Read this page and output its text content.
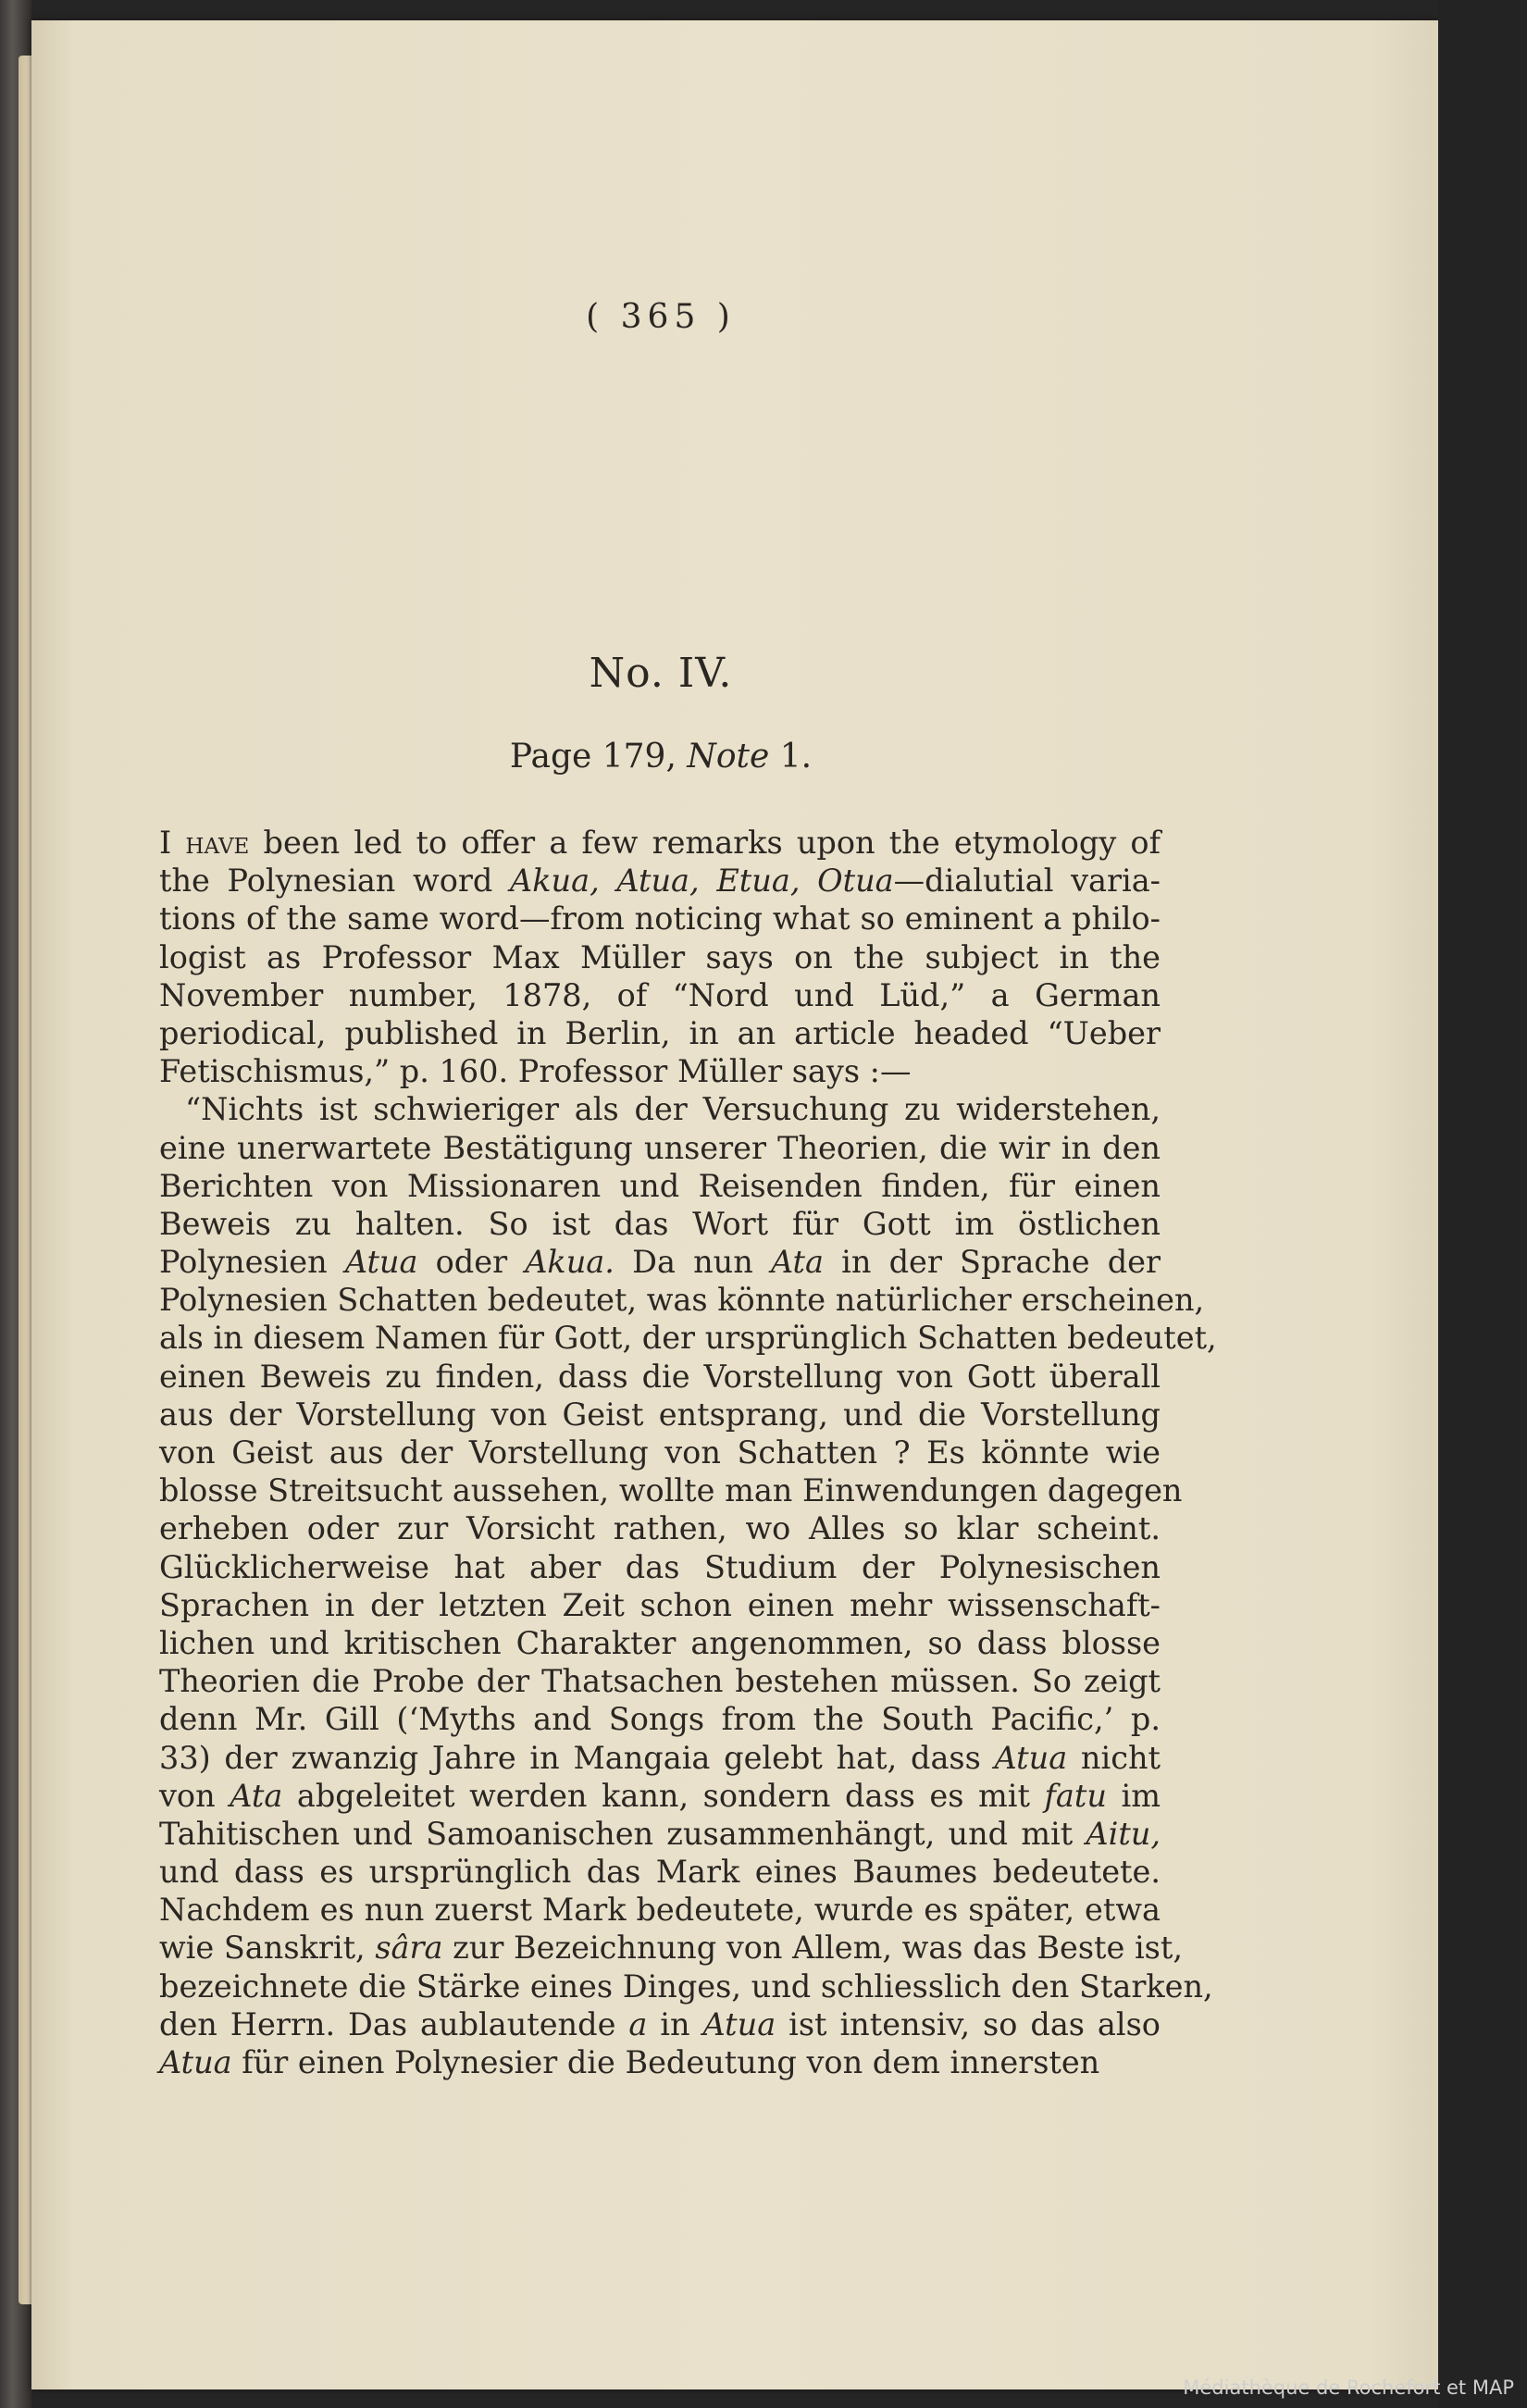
( 365 )
No. IV.
Page 179, Note 1.
I have been led to offer a few remarks upon the etymology of
the Polynesian word Akua, Atua, Etua, Otua—dialutial varia-
tions of the same word—from noticing what so eminent a philo-
logist as Professor Max Müller says on the subject in the
November number, 1878, of “Nord und Lüd,” a German
periodical, published in Berlin, in an article headed “Ueber
Fetischismus,” p. 160. Professor Müller says :—
“Nichts ist schwieriger als der Versuchung zu widerstehen,
eine unerwartete Bestätigung unserer Theorien, die wir in den
Berichten von Missionaren und Reisenden finden, für einen
Beweis zu halten. So ist das Wort für Gott im östlichen
Polynesien Atua oder Akua. Da nun Ata in der Sprache der
Polynesien Schatten bedeutet, was könnte natürlicher erscheinen,
als in diesem Namen für Gott, der ursprünglich Schatten bedeutet,
einen Beweis zu finden, dass die Vorstellung von Gott überall
aus der Vorstellung von Geist entsprang, und die Vorstellung
von Geist aus der Vorstellung von Schatten ? Es könnte wie
blosse Streitsucht aussehen, wollte man Einwendungen dagegen
erheben oder zur Vorsicht rathen, wo Alles so klar scheint.
Glücklicherweise hat aber das Studium der Polynesischen
Sprachen in der letzten Zeit schon einen mehr wissenschaft-
lichen und kritischen Charakter angenommen, so dass blosse
Theorien die Probe der Thatsachen bestehen müssen. So zeigt
denn Mr. Gill (‘Myths and Songs from the South Pacific,’ p.
33) der zwanzig Jahre in Mangaia gelebt hat, dass Atua nicht
von Ata abgeleitet werden kann, sondern dass es mit fatu im
Tahitischen und Samoanischen zusammenhängt, und mit Aitu,
und dass es ursprünglich das Mark eines Baumes bedeutete.
Nachdem es nun zuerst Mark bedeutete, wurde es später, etwa
wie Sanskrit, sâra zur Bezeichnung von Allem, was das Beste ist,
bezeichnete die Stärke eines Dinges, und schliesslich den Starken,
den Herrn. Das aublautende a in Atua ist intensiv, so das also
Atua für einen Polynesier die Bedeutung von dem innersten
Médiathèque de Rochefort et MAP
